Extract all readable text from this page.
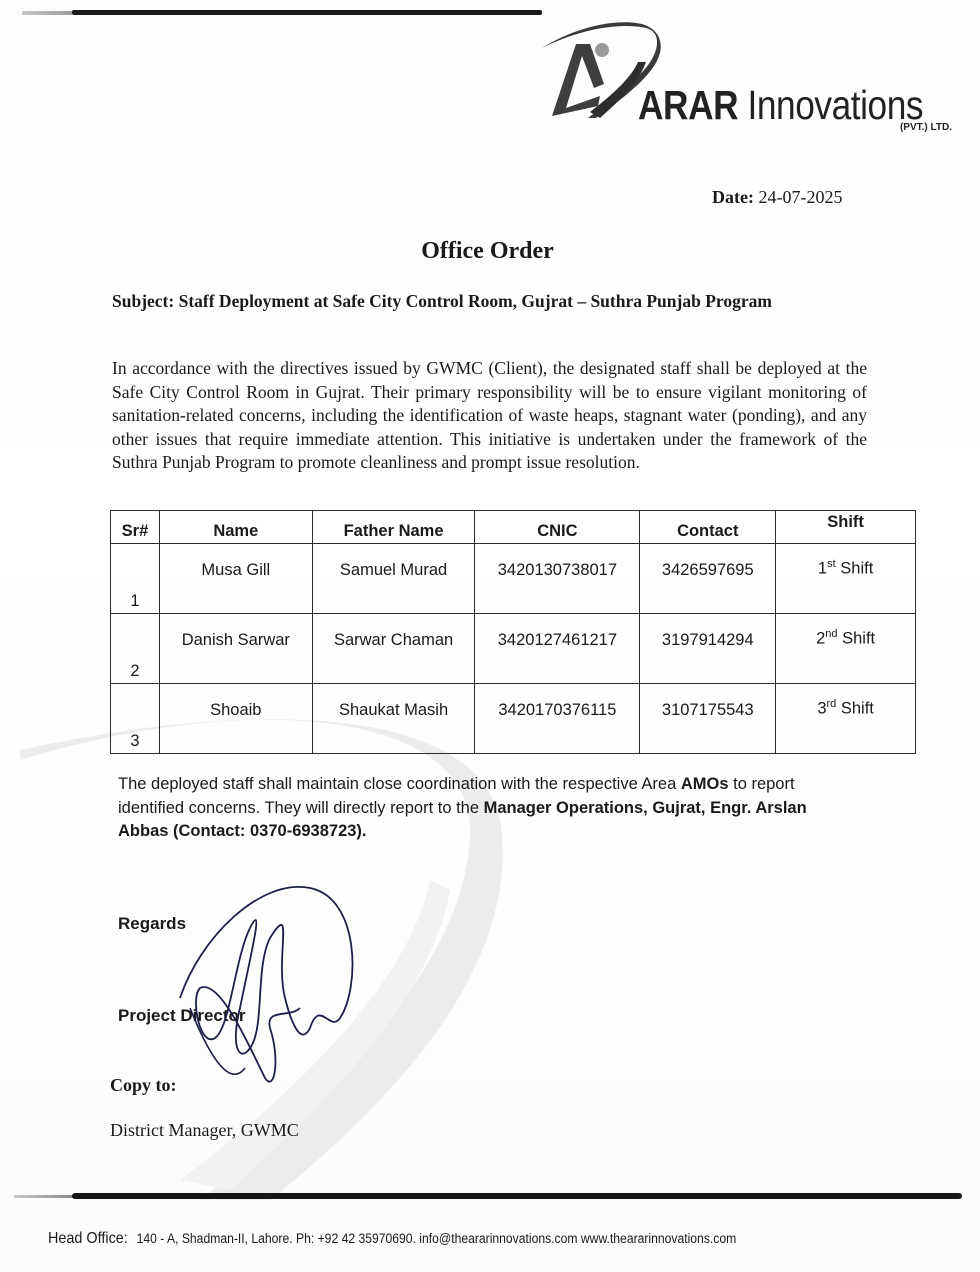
ARAR Innovations
(PVT.) LTD.
Date: 24-07-2025
Office Order
Subject: Staff Deployment at Safe City Control Room, Gujrat – Suthra Punjab Program
In accordance with the directives issued by GWMC (Client), the designated staff shall be deployed at the Safe City Control Room in Gujrat. Their primary responsibility will be to ensure vigilant monitoring of sanitation-related concerns, including the identification of waste heaps, stagnant water (ponding), and any other issues that require immediate attention. This initiative is undertaken under the framework of the Suthra Punjab Program to promote cleanliness and prompt issue resolution.
Sr#	Name	Father Name	CNIC	Contact	Shift
1	Musa Gill	Samuel Murad	3420130738017	3426597695	1st Shift
2	Danish Sarwar	Sarwar Chaman	3420127461217	3197914294	2nd Shift
3	Shoaib	Shaukat Masih	3420170376115	3107175543	3rd Shift
The deployed staff shall maintain close coordination with the respective Area AMOs to report identified concerns. They will directly report to the Manager Operations, Gujrat, Engr. Arslan Abbas (Contact: 0370-6938723).
Regards
Project Director
Copy to:
District Manager, GWMC
Head Office: 140 - A, Shadman-II, Lahore. Ph: +92 42 35970690. info@theararinnovations.com www.theararinnovations.com
